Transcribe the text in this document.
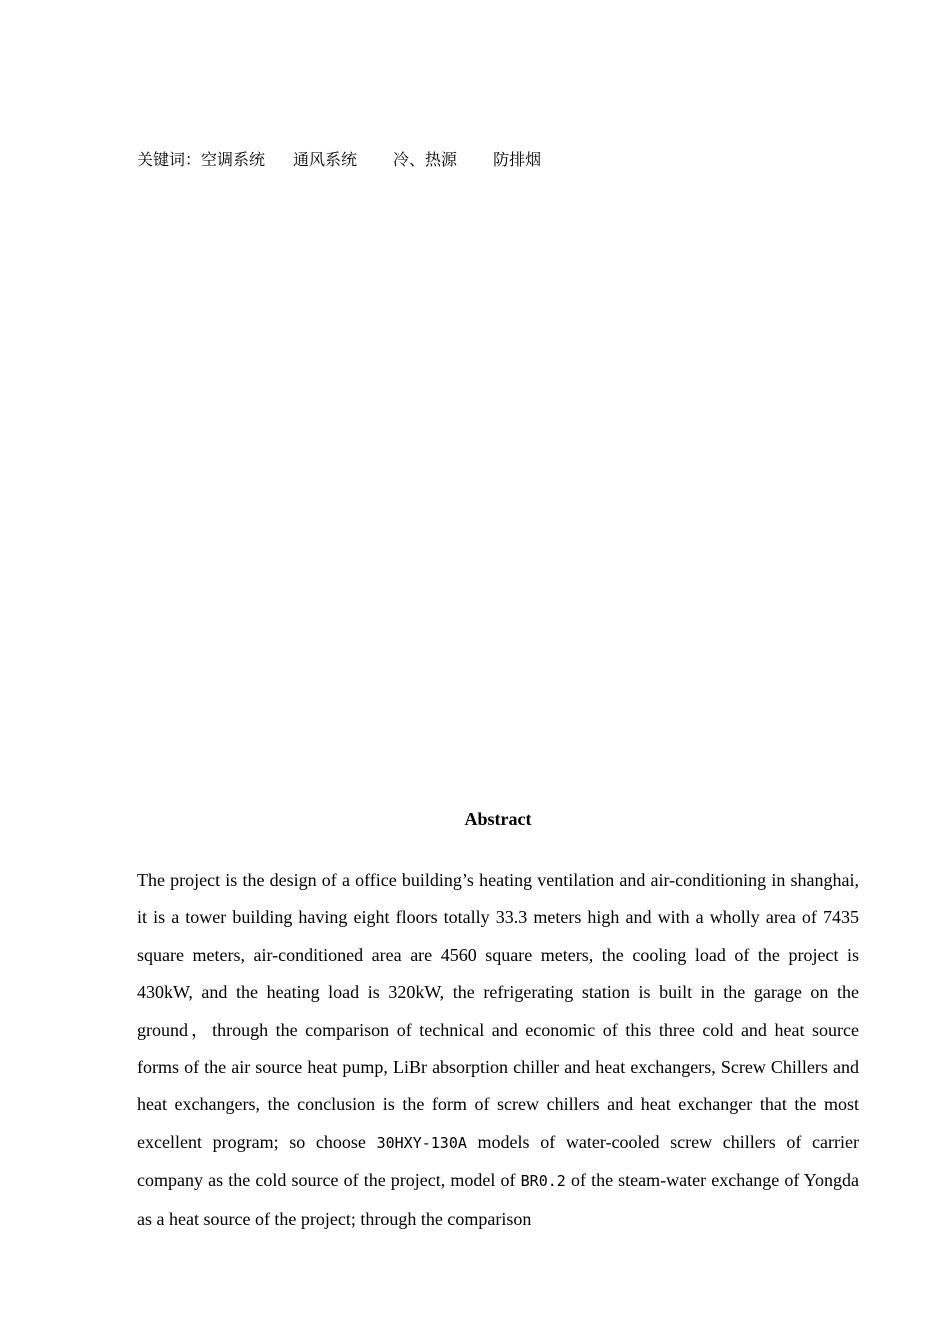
关键词：空调系统 通风系统 冷、热源 防排烟
Abstract

The project is the design of a office building’s heating ventilation and air-conditioning in shanghai, it is a tower building having eight floors totally 33.3 meters high and with a wholly area of 7435 square meters, air-conditioned area are 4560 square meters, the cooling load of the project is 430kW, and the heating load is 320kW, the refrigerating station is built in the garage on the ground，through the comparison of technical and economic of this three cold and heat source forms of the air source heat pump, LiBr absorption chiller and heat exchangers, Screw Chillers and heat exchangers, the conclusion is the form of screw chillers and heat exchanger that the most excellent program; so choose 30HXY-130A models of water-cooled screw chillers of carrier company as the cold source of the project, model of BR0.2 of the steam-water exchange of Yongda as a heat source of the project; through the comparison
